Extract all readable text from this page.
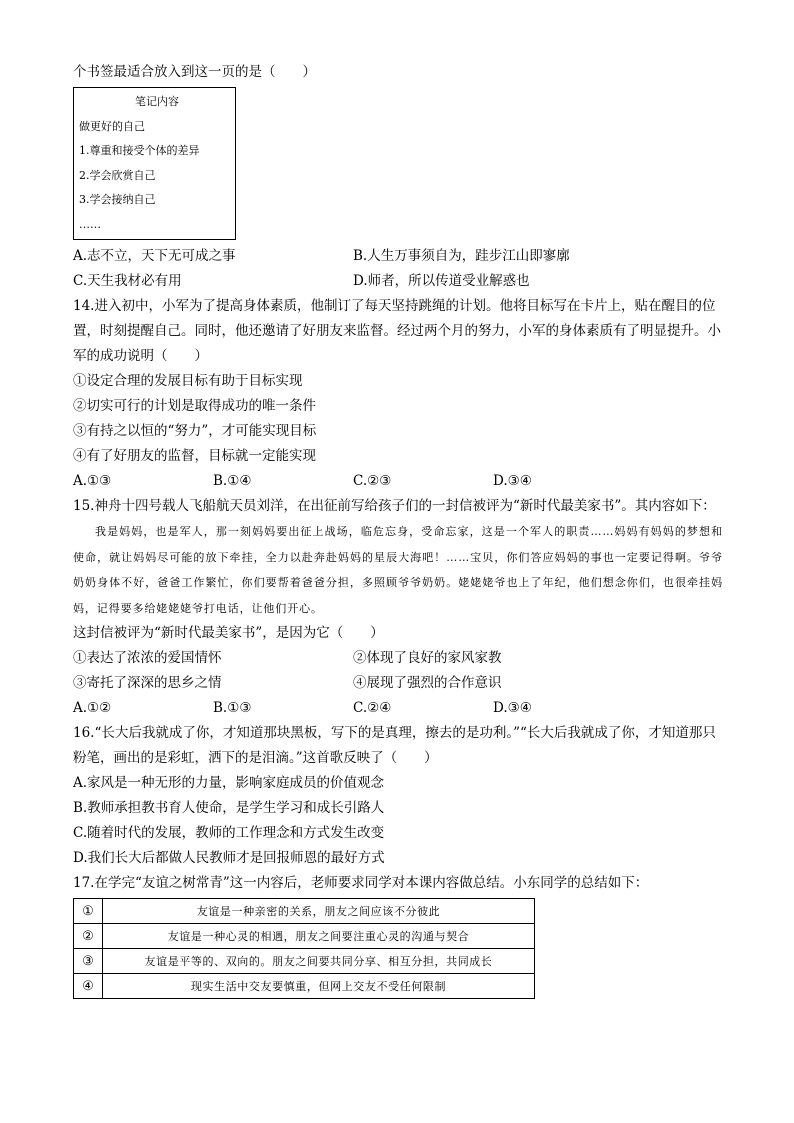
个书签最适合放入到这一页的是（　　）
笔记内容
做更好的自己
1.尊重和接受个体的差异
2.学会欣赏自己
3.学会接纳自己
……
A.志不立，天下无可成之事	B.人生万事须自为，跬步江山即寥廓
C.天生我材必有用	D.师者，所以传道受业解惑也
14.进入初中，小军为了提高身体素质，他制订了每天坚持跳绳的计划。他将目标写在卡片上，贴在醒目的位置，时刻提醒自己。同时，他还邀请了好朋友来监督。经过两个月的努力，小军的身体素质有了明显提升。小军的成功说明（　　）
①设定合理的发展目标有助于目标实现
②切实可行的计划是取得成功的唯一条件
③有持之以恒的“努力”，才可能实现目标
④有了好朋友的监督，目标就一定能实现
A.①③	B.①④	C.②③	D.③④
15.神舟十四号载人飞船航天员刘洋，在出征前写给孩子们的一封信被评为“新时代最美家书”。其内容如下：
我是妈妈，也是军人，那一刻妈妈要出征上战场，临危忘身，受命忘家，这是一个军人的职责……妈妈有妈妈的梦想和使命，就让妈妈尽可能的放下牵挂，全力以赴奔赴妈妈的星辰大海吧！……宝贝，你们答应妈妈的事也一定要记得啊。爷爷奶奶身体不好，爸爸工作繁忙，你们要帮着爸爸分担，多照顾爷爷奶奶。姥姥姥爷也上了年纪，他们想念你们，也很牵挂妈妈，记得要多给姥姥姥爷打电话，让他们开心。
这封信被评为“新时代最美家书”，是因为它（　　）
①表达了浓浓的爱国情怀	②体现了良好的家风家教
③寄托了深深的思乡之情	④展现了强烈的合作意识
A.①②	B.①③	C.②④	D.③④
16.“长大后我就成了你，才知道那块黑板，写下的是真理，擦去的是功利。”“长大后我就成了你，才知道那只粉笔，画出的是彩虹，洒下的是泪滴。”这首歌反映了（　　）
A.家风是一种无形的力量，影响家庭成员的价值观念
B.教师承担教书育人使命，是学生学习和成长引路人
C.随着时代的发展，教师的工作理念和方式发生改变
D.我们长大后都做人民教师才是回报师恩的最好方式
17.在学完“友谊之树常青”这一内容后，老师要求同学对本课内容做总结。小东同学的总结如下：
①	友谊是一种亲密的关系，朋友之间应该不分彼此
②	友谊是一种心灵的相遇，朋友之间要注重心灵的沟通与契合
③	友谊是平等的、双向的。朋友之间要共同分享、相互分担，共同成长
④	现实生活中交友要慎重，但网上交友不受任何限制
